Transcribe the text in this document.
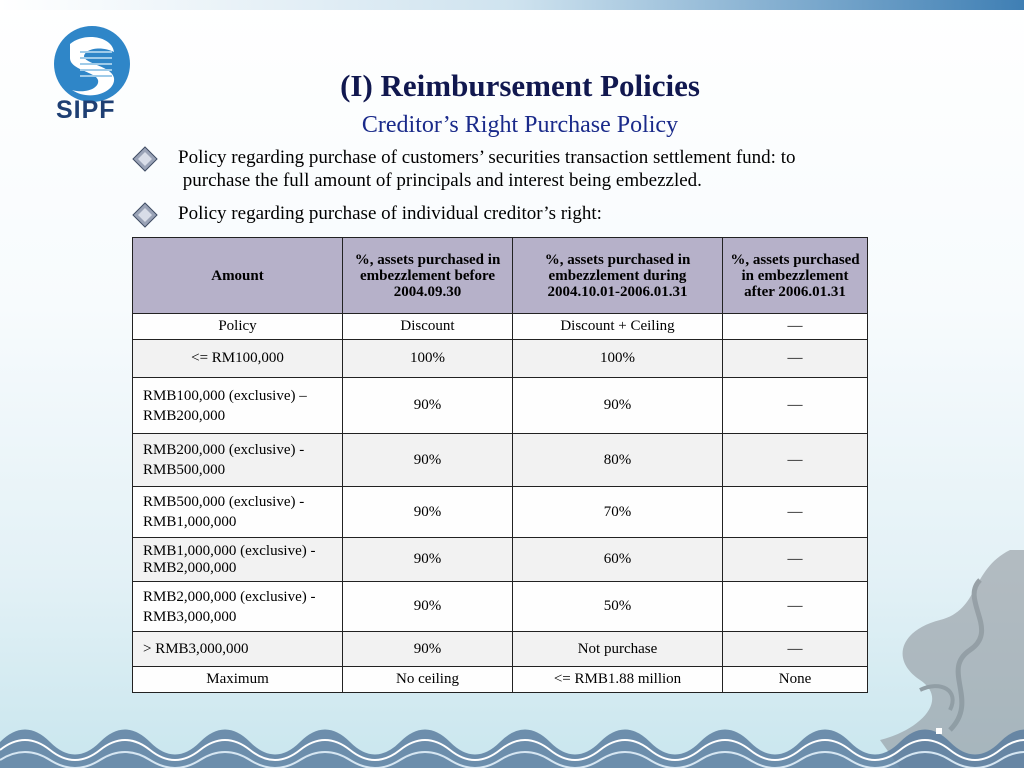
SIPF
(I) Reimbursement Policies
Creditor’s Right Purchase Policy
Policy regarding purchase of customers’ securities transaction settlement fund: to
purchase the full amount of principals and interest being embezzled.
Policy regarding purchase of individual creditor’s right:
Amount	%, assets purchased in embezzlement before 2004.09.30	%, assets purchased in embezzlement during 2004.10.01-2006.01.31	%, assets purchased in embezzlement after 2006.01.31
Policy	Discount	Discount + Ceiling	—
<= RM100,000	100%	100%	—
RMB100,000 (exclusive) – RMB200,000	90%	90%	—
RMB200,000 (exclusive) - RMB500,000	90%	80%	—
RMB500,000 (exclusive) - RMB1,000,000	90%	70%	—
RMB1,000,000 (exclusive) - RMB2,000,000	90%	60%	—
RMB2,000,000 (exclusive) - RMB3,000,000	90%	50%	—
> RMB3,000,000	90%	Not purchase	—
Maximum	No ceiling	<= RMB1.88 million	None
